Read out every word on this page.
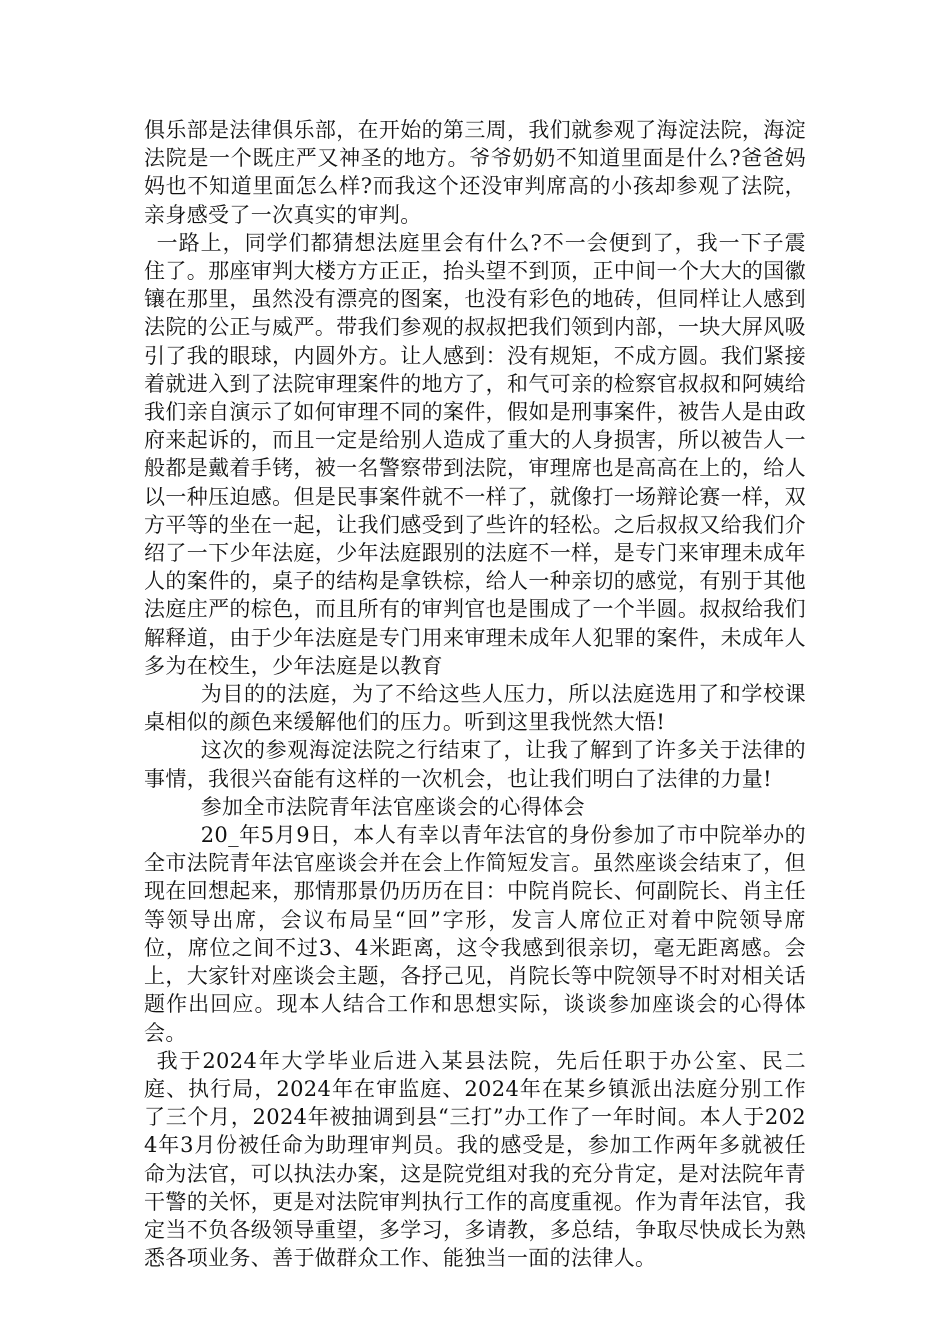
俱乐部是法律俱乐部，在开始的第三周，我们就参观了海淀法院，海淀法院是一个既庄严又神圣的地方。爷爷奶奶不知道里面是什么?爸爸妈妈也不知道里面怎么样?而我这个还没审判席高的小孩却参观了法院，亲身感受了一次真实的审判。

一路上，同学们都猜想法庭里会有什么?不一会便到了，我一下子震住了。那座审判大楼方方正正，抬头望不到顶，正中间一个大大的国徽镶在那里，虽然没有漂亮的图案，也没有彩色的地砖，但同样让人感到法院的公正与威严。带我们参观的叔叔把我们领到内部，一块大屏风吸引了我的眼球，内圆外方。让人感到：没有规矩，不成方圆。我们紧接着就进入到了法院审理案件的地方了，和气可亲的检察官叔叔和阿姨给我们亲自演示了如何审理不同的案件，假如是刑事案件，被告人是由政府来起诉的，而且一定是给别人造成了重大的人身损害，所以被告人一般都是戴着手铐，被一名警察带到法院，审理席也是高高在上的，给人以一种压迫感。但是民事案件就不一样了，就像打一场辩论赛一样，双方平等的坐在一起，让我们感受到了些许的轻松。之后叔叔又给我们介绍了一下少年法庭，少年法庭跟别的法庭不一样，是专门来审理未成年人的案件的，桌子的结构是拿铁棕，给人一种亲切的感觉，有别于其他法庭庄严的棕色，而且所有的审判官也是围成了一个半圆。叔叔给我们解释道，由于少年法庭是专门用来审理未成年人犯罪的案件，未成年人多为在校生，少年法庭是以教育

为目的的法庭，为了不给这些人压力，所以法庭选用了和学校课桌相似的颜色来缓解他们的压力。听到这里我恍然大悟!

这次的参观海淀法院之行结束了，让我了解到了许多关于法律的事情，我很兴奋能有这样的一次机会，也让我们明白了法律的力量!

参加全市法院青年法官座谈会的心得体会

20_年5月9日，本人有幸以青年法官的身份参加了市中院举办的全市法院青年法官座谈会并在会上作简短发言。虽然座谈会结束了，但现在回想起来，那情那景仍历历在目：中院肖院长、何副院长、肖主任等领导出席，会议布局呈“回”字形，发言人席位正对着中院领导席位，席位之间不过3、4米距离，这令我感到很亲切，毫无距离感。会上，大家针对座谈会主题，各抒己见，肖院长等中院领导不时对相关话题作出回应。现本人结合工作和思想实际，谈谈参加座谈会的心得体会。

我于2024年大学毕业后进入某县法院，先后任职于办公室、民二庭、执行局，2024年在审监庭、2024年在某乡镇派出法庭分别工作了三个月，2024年被抽调到县“三打”办工作了一年时间。本人于2024年3月份被任命为助理审判员。我的感受是，参加工作两年多就被任命为法官，可以执法办案，这是院党组对我的充分肯定，是对法院年青干警的关怀，更是对法院审判执行工作的高度重视。作为青年法官，我定当不负各级领导重望，多学习，多请教，多总结，争取尽快成长为熟悉各项业务、善于做群众工作、能独当一面的法律人。
